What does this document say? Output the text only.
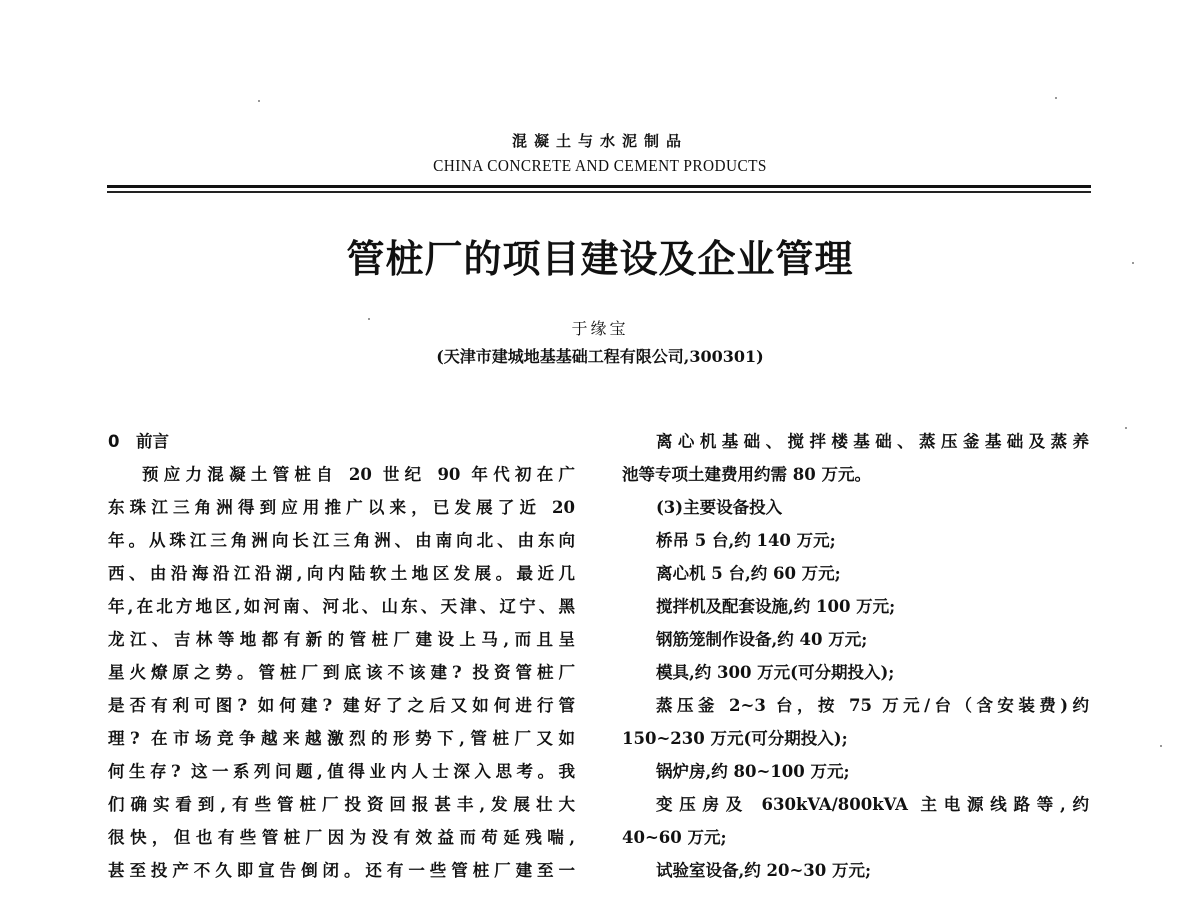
混凝土与水泥制品
CHINA CONCRETE AND CEMENT PRODUCTS
管桩厂的项目建设及企业管理
于缘宝
(天津市建城地基基础工程有限公司,300301)
0　前言
预应力混凝土管桩自 20 世纪 90 年代初在广
东珠江三角洲得到应用推广以来，已发展了近 20
年。从珠江三角洲向长江三角洲、由南向北、由东向
西、由沿海沿江沿湖,向内陆软土地区发展。最近几
年,在北方地区,如河南、河北、山东、天津、辽宁、黑
龙江、吉林等地都有新的管桩厂建设上马,而且呈
星火燎原之势。管桩厂到底该不该建? 投资管桩厂
是否有利可图? 如何建? 建好了之后又如何进行管
理? 在市场竞争越来越激烈的形势下,管桩厂又如
何生存? 这一系列问题,值得业内人士深入思考。我
们确实看到,有些管桩厂投资回报甚丰,发展壮大
很快，但也有些管桩厂因为没有效益而苟延残喘,
甚至投产不久即宣告倒闭。还有一些管桩厂建至一
离心机基础、搅拌楼基础、蒸压釜基础及蒸养
池等专项土建费用约需 80 万元。
(3)主要设备投入
桥吊 5 台,约 140 万元;
离心机 5 台,约 60 万元;
搅拌机及配套设施,约 100 万元;
钢筋笼制作设备,约 40 万元;
模具,约 300 万元(可分期投入);
蒸压釜 2~3 台，按 75 万元/台（含安装费)约
150~230 万元(可分期投入);
锅炉房,约 80~100 万元;
变压房及 630kVA/800kVA 主电源线路等,约
40~60 万元;
试验室设备,约 20~30 万元;
